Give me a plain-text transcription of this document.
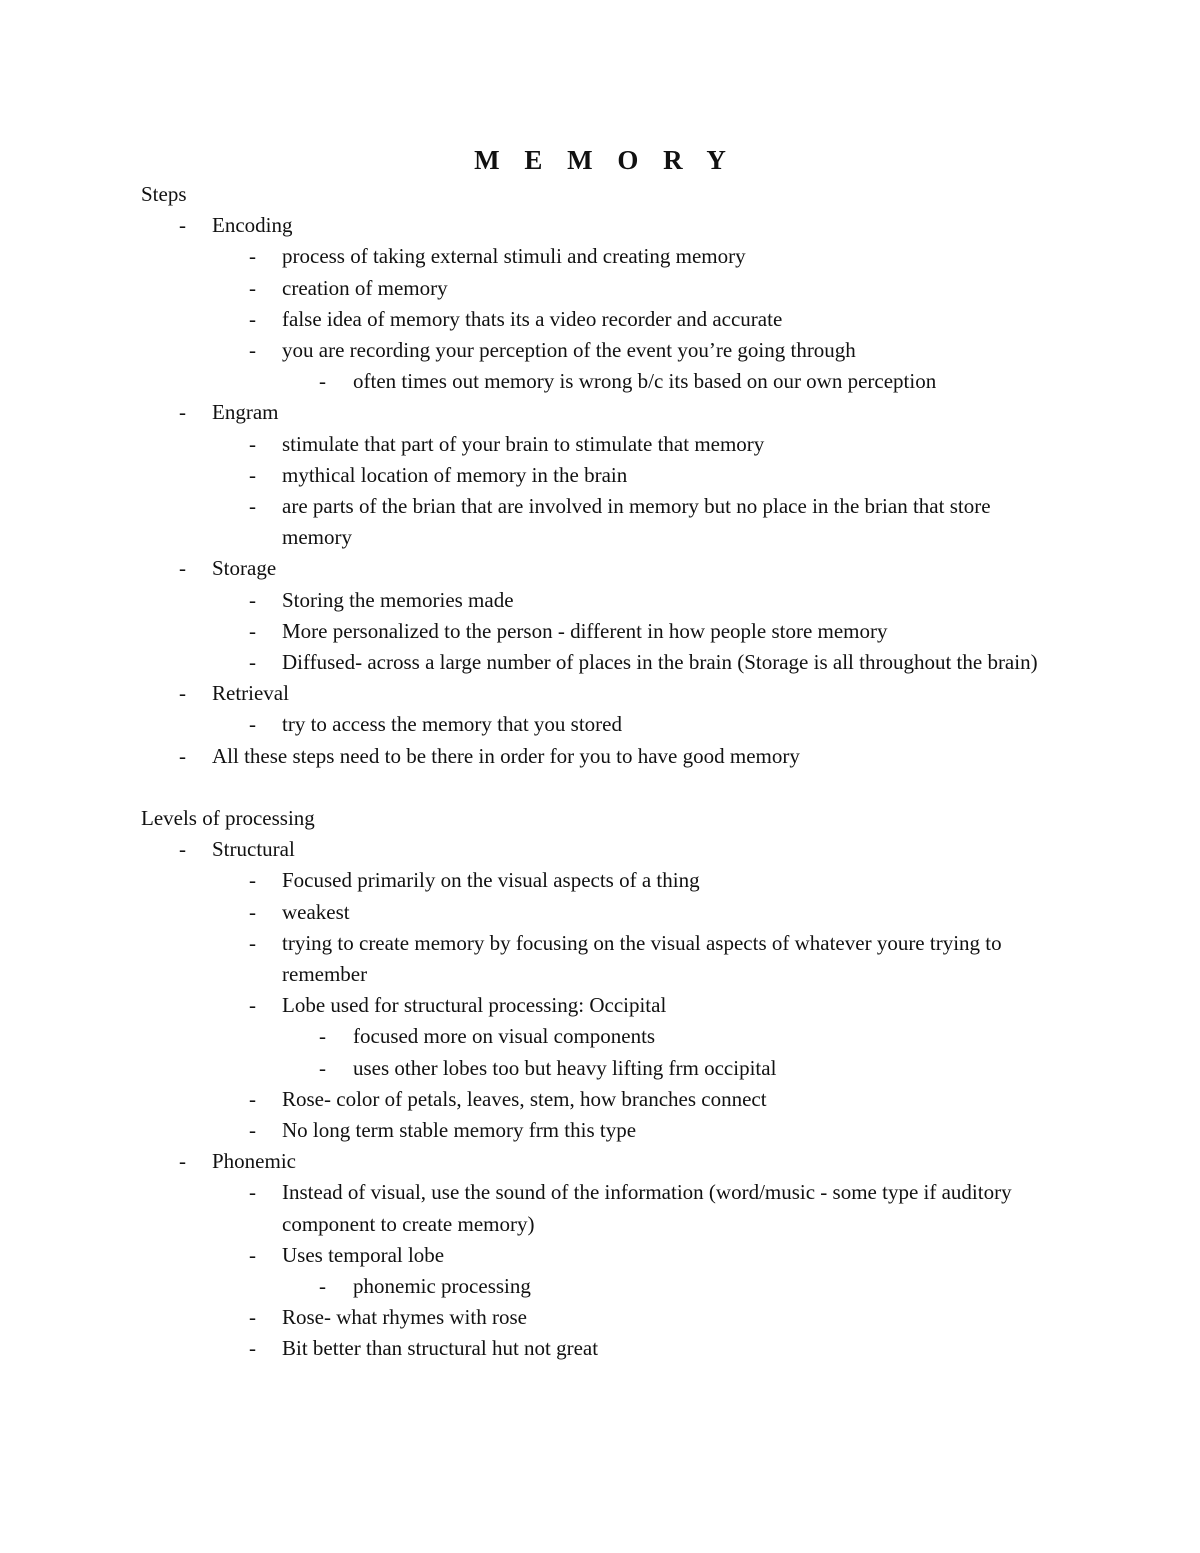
M E M O R Y
Steps
- Encoding
- process of taking external stimuli and creating memory
- creation of memory
- false idea of memory thats its a video recorder and accurate
- you are recording your perception of the event you’re going through
- often times out memory is wrong b/c its based on our own perception
- Engram
- stimulate that part of your brain to stimulate that memory
- mythical location of memory in the brain
- are parts of the brian that are involved in memory but no place in the brian that store memory
- Storage
- Storing the memories made
- More personalized to the person - different in how people store memory
- Diffused- across a large number of places in the brain (Storage is all throughout the brain)
- Retrieval
- try to access the memory that you stored
- All these steps need to be there in order for you to have good memory
Levels of processing
- Structural
- Focused primarily on the visual aspects of a thing
- weakest
- trying to create memory by focusing on the visual aspects of whatever youre trying to remember
- Lobe used for structural processing: Occipital
- focused more on visual components
- uses other lobes too but heavy lifting frm occipital
- Rose- color of petals, leaves, stem, how branches connect
- No long term stable memory frm this type
- Phonemic
- Instead of visual, use the sound of the information (word/music - some type if auditory component to create memory)
- Uses temporal lobe
- phonemic processing
- Rose- what rhymes with rose
- Bit better than structural hut not great
